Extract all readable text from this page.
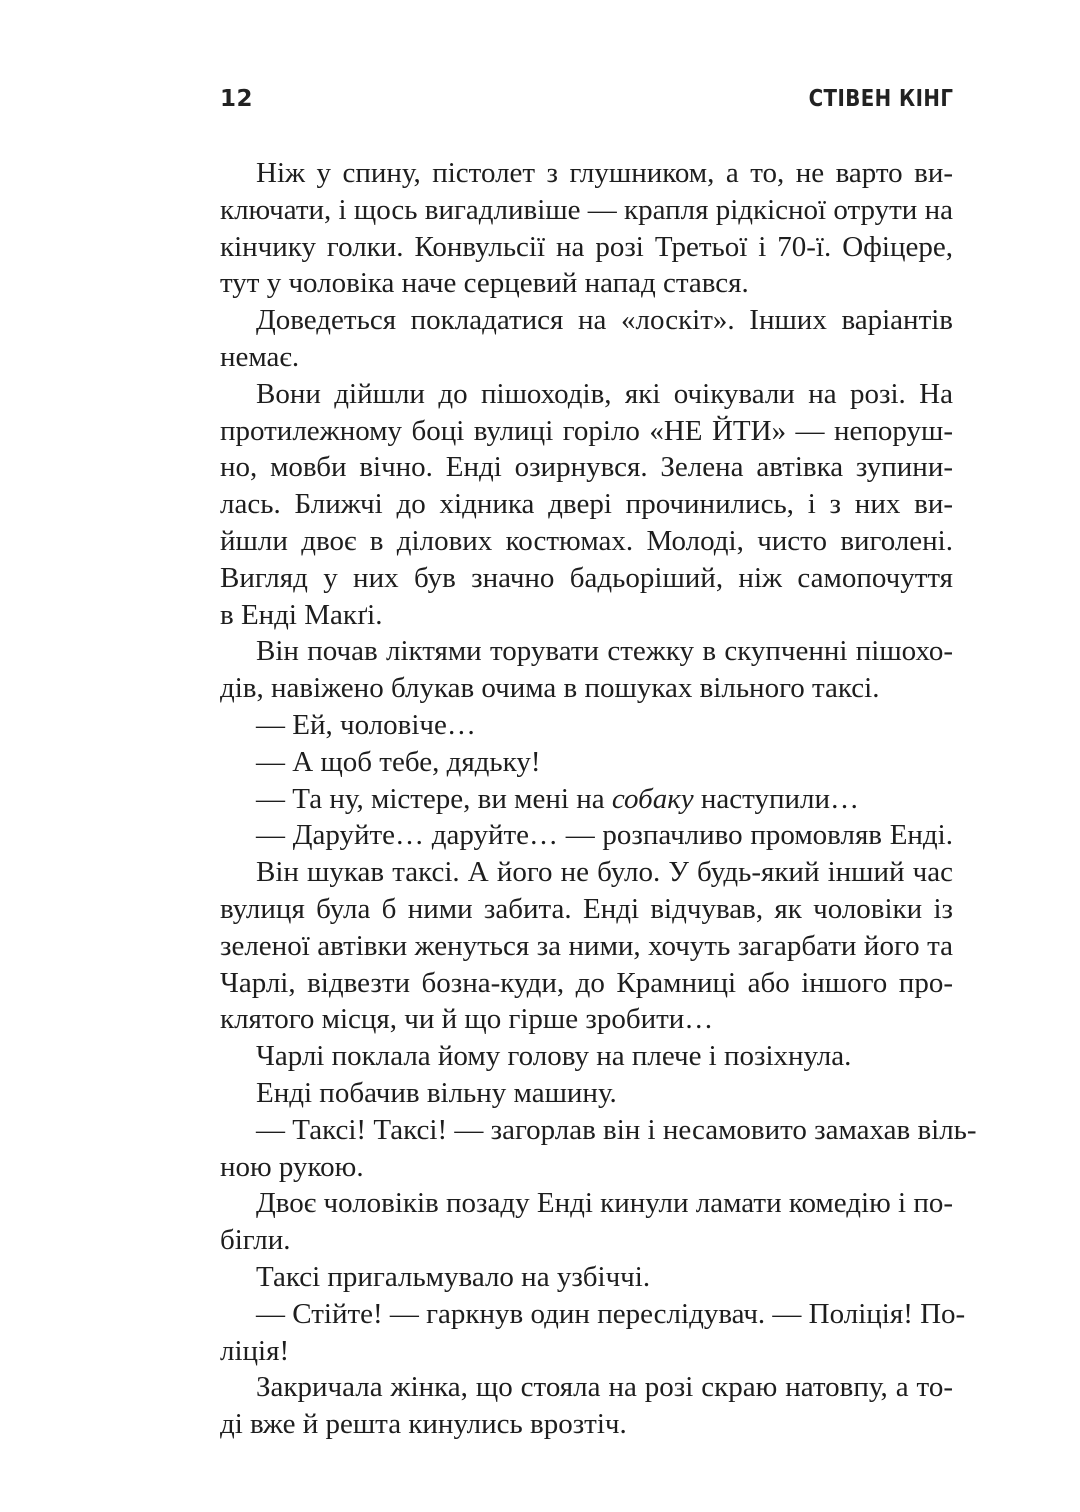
12	СТІВЕН КІНГ
Ніж у спину, пістолет з глушником, а то, не варто ви-
ключати, і щось вигадливіше — крапля рідкісної отрути на
кінчику голки. Конвульсії на розі Третьої і 70-ї. Офіцере,
тут у чоловіка наче серцевий напад стався.
Доведеться покладатися на «лоскіт». Інших варіантів
немає.
Вони дійшли до пішоходів, які очікували на розі. На
протилежному боці вулиці горіло «НЕ ЙТИ» — непоруш-
но, мовби вічно. Енді озирнувся. Зелена автівка зупини-
лась. Ближчі до хідника двері прочинились, і з них ви-
йшли двоє в ділових костюмах. Молоді, чисто виголені.
Вигляд у них був значно бадьоріший, ніж самопочуття
в Енді Макґі.
Він почав ліктями торувати стежку в скупченні пішохо-
дів, навіжено блукав очима в пошуках вільного таксі.
— Ей, чоловіче…
— А щоб тебе, дядьку!
— Та ну, містере, ви мені на собаку наступили…
— Даруйте… даруйте… — розпачливо промовляв Енді.
Він шукав таксі. А його не було. У будь-який інший час
вулиця була б ними забита. Енді відчував, як чоловіки із
зеленої автівки женуться за ними, хочуть загарбати його та
Чарлі, відвезти бозна-куди, до Крамниці або іншого про-
клятого місця, чи й що гірше зробити…
Чарлі поклала йому голову на плече і позіхнула.
Енді побачив вільну машину.
— Таксі! Таксі! — загорлав він і несамовито замахав віль-
ною рукою.
Двоє чоловіків позаду Енді кинули ламати комедію і по-
бігли.
Таксі пригальмувало на узбіччі.
— Стійте! — гаркнув один переслідувач. — Поліція! По-
ліція!
Закричала жінка, що стояла на розі скраю натовпу, а то-
ді вже й решта кинулись врозтіч.
